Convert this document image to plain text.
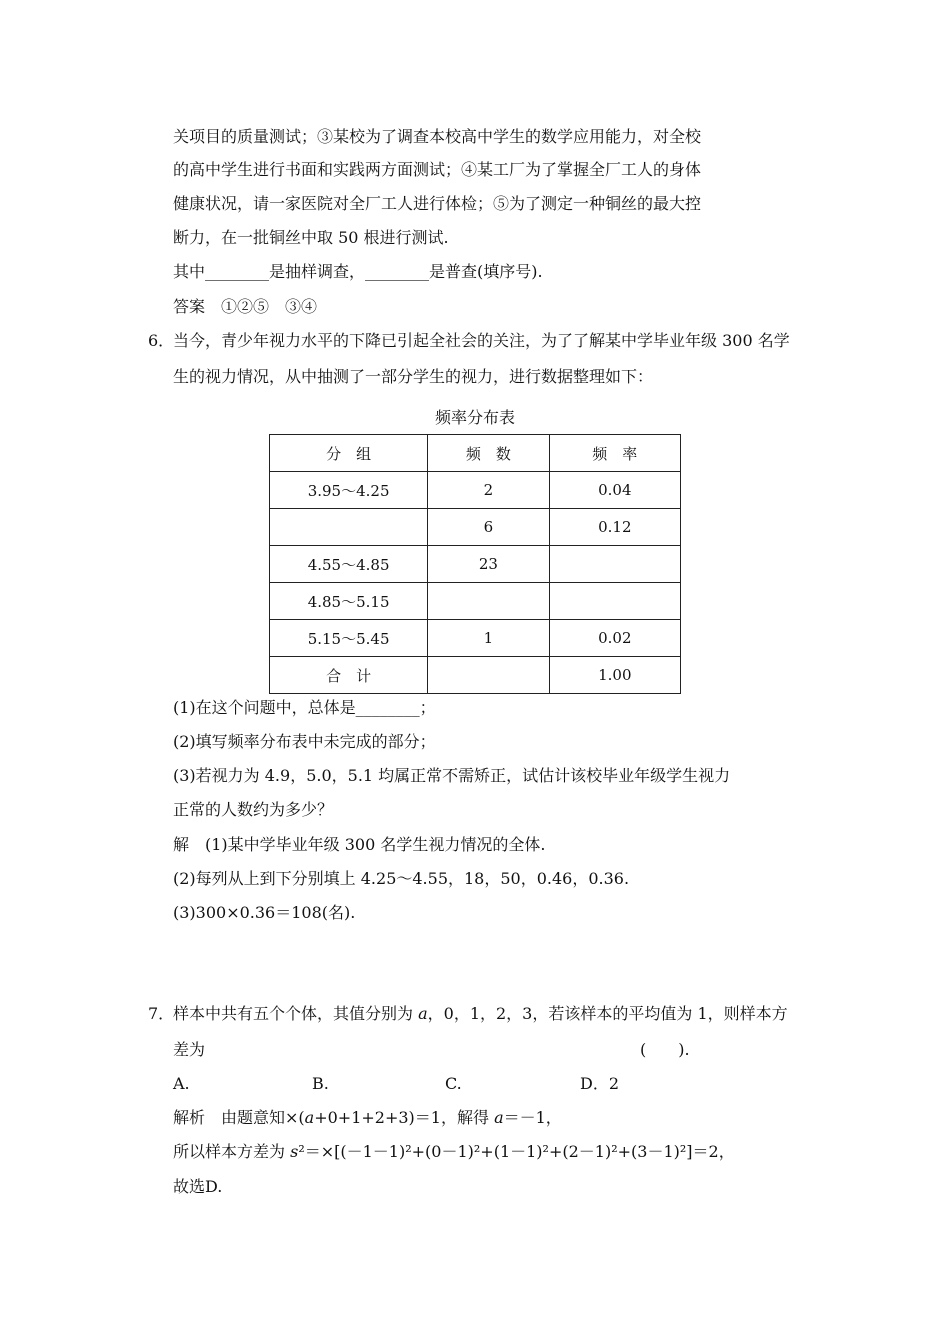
关项目的质量测试；③某校为了调查本校高中学生的数学应用能力，对全校
的高中学生进行书面和实践两方面测试；④某工厂为了掌握全厂工人的身体
健康状况，请一家医院对全厂工人进行体检；⑤为了测定一种铜丝的最大控
断力，在一批铜丝中取 50 根进行测试.
其中________是抽样调查，________是普查(填序号).
答案　①②⑤　③④
6．
当今，青少年视力水平的下降已引起全社会的关注，为了了解某中学毕业年级 300 名学
生的视力情况，从中抽测了一部分学生的视力，进行数据整理如下：
频率分布表
分　组	频　数	频　率
3.95～4.25	2	0.04
	6	0.12
4.55～4.85	23	
4.85～5.15		
5.15～5.45	1	0.02
合　计		1.00
(1)在这个问题中，总体是________；
(2)填写频率分布表中未完成的部分；
(3)若视力为 4.9，5.0，5.1 均属正常不需矫正，试估计该校毕业年级学生视力
正常的人数约为多少？
解　(1)某中学毕业年级 300 名学生视力情况的全体.
(2)每列从上到下分别填上 4.25～4.55，18，50，0.46，0.36.
(3)300×0.36＝108(名).
7．
样本中共有五个个体，其值分别为 a，0，1，2，3，若该样本的平均值为 1，则样本方
差为	(　　).
A.	B.	C.	D．2
解析　由题意知×(a+0+1+2+3)＝1，解得 a＝－1，
所以样本方差为 s²＝×[(－1－1)²+(0－1)²+(1－1)²+(2－1)²+(3－1)²]＝2，
故选D.
